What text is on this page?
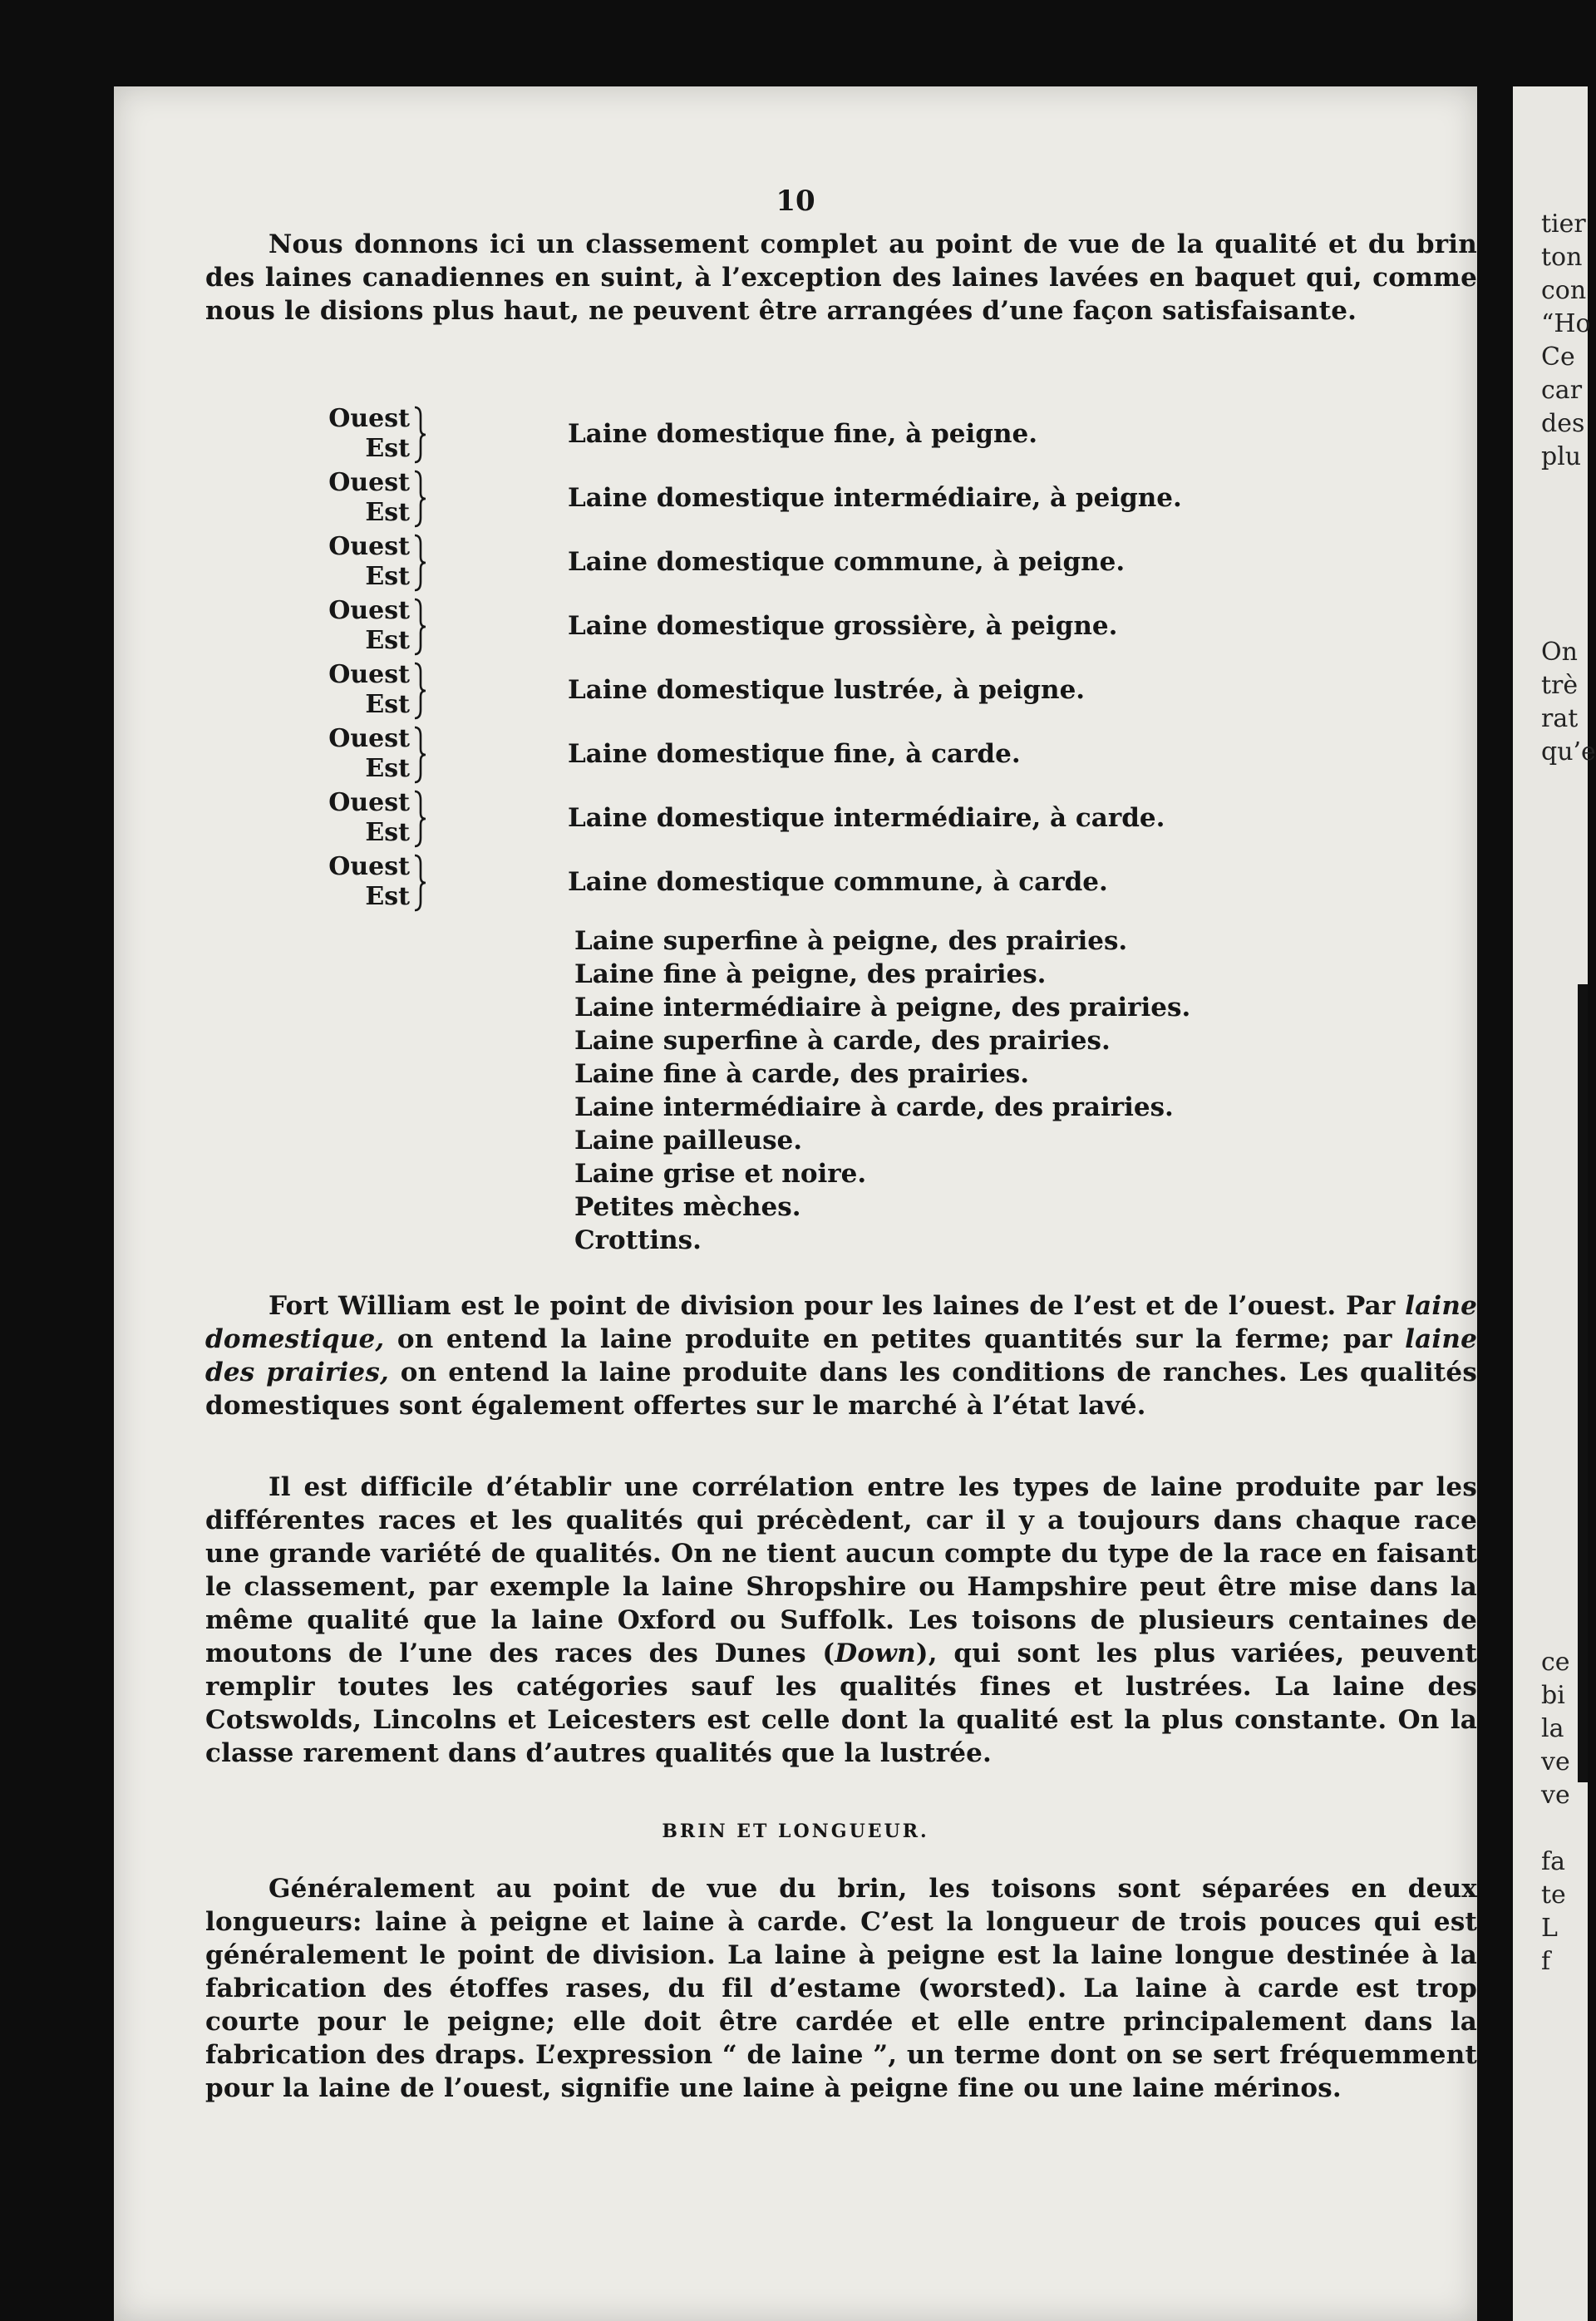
10

Nous donnons ici un classement complet au point de vue de la qualité et du brin des laines canadiennes en suint, à l’exception des laines lavées en baquet qui, comme nous le disions plus haut, ne peuvent être arrangées d’une façon satisfaisante.

Ouest
Est
Ouest
Est
Ouest
Est
Ouest
Est
Ouest
Est
Ouest
Est
Ouest
Est
Ouest
Est
Laine superfine à peigne, des prairies.
Laine fine à peigne, des prairies.
Laine intermédiaire à peigne, des prairies.
Laine superfine à carde, des prairies.
Laine fine à carde, des prairies.
Laine intermédiaire à carde, des prairies.
Laine pailleuse.
Laine grise et noire.
Petites mèches.
Crottins.

Fort William est le point de division pour les laines de l’est et de l’ouest. Par laine domestique, on entend la laine produite en petites quantités sur la ferme; par laine des prairies, on entend la laine produite dans les conditions de ranches. Les qualités domestiques sont également offertes sur le marché à l’état lavé.

Il est difficile d’établir une corrélation entre les types de laine produite par les différentes races et les qualités qui précèdent, car il y a toujours dans chaque race une grande variété de qualités. On ne tient aucun compte du type de la race en faisant le classement, par exemple la laine Shropshire ou Hampshire peut être mise dans la même qualité que la laine Oxford ou Suffolk. Les toisons de plusieurs centaines de moutons de l’une des races des Dunes (Down), qui sont les plus variées, peuvent remplir toutes les catégories sauf les qualités fines et lustrées. La laine des Cotswolds, Lincolns et Leicesters est celle dont la qualité est la plus constante. On la classe rarement dans d’autres qualités que la lustrée.

BRIN ET LONGUEUR.

Généralement au point de vue du brin, les toisons sont séparées en deux longueurs: laine à peigne et laine à carde. C’est la longueur de trois pouces qui est généralement le point de division. La laine à peigne est la laine longue destinée à la fabrication des étoffes rases, du fil d’estame (worsted). La laine à carde est trop courte pour le peigne; elle doit être cardée et elle entre principalement dans la fabrication des draps. L’expression “ de laine ”, un terme dont on se sert fréquemment pour la laine de l’ouest, signifie une laine à peigne fine ou une laine mérinos.

Laine domestique fine, à peigne.
Laine domestique intermédiaire, à peigne.
Laine domestique commune, à peigne.
Laine domestique grossière, à peigne.
Laine domestique lustrée, à peigne.
Laine domestique fine, à carde.
Laine domestique intermédiaire, à carde.
Laine domestique commune, à carde.
tier
ton
con
“Ho
Ce
car
des
plu
On
trè
rat
qu’e
ce
bi
la
ve
ve
fa
te
L
f
